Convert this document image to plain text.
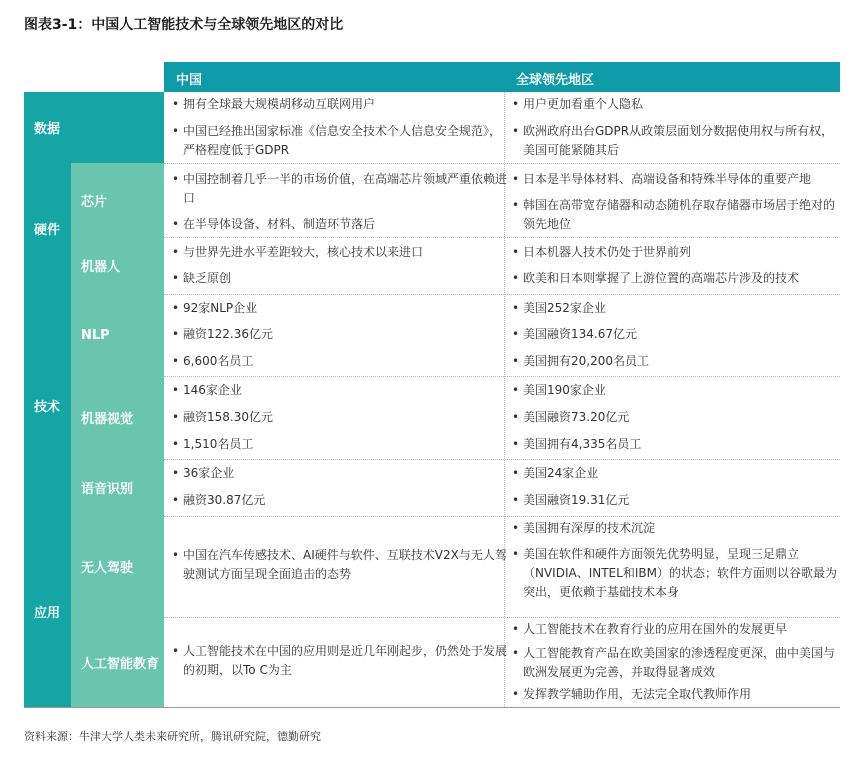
图表3-1：中国人工智能技术与全球领先地区的对比
中国	全球领先地区
数据
硬件
技术
应用
芯片
机器人
NLP
机器视觉
语音识别
无人驾驶
人工智能教育
• 拥有全球最大规模胡移动互联网用户
• 中国已经推出国家标准《信息安全技术个人信息安全规范》，严格程度低于GDPR
• 用户更加看重个人隐私
• 欧洲政府出台GDPR从政策层面划分数据使用权与所有权，美国可能紧随其后
• 中国控制着几乎一半的市场价值，在高端芯片领域严重依赖进口
• 在半导体设备、材料、制造环节落后
• 日本是半导体材料、高端设备和特殊半导体的重要产地
• 韩国在高带宽存储器和动态随机存取存储器市场居于绝对的领先地位
• 与世界先进水平差距较大，核心技术以来进口
• 缺乏原创
• 日本机器人技术仍处于世界前列
• 欧美和日本则掌握了上游位置的高端芯片涉及的技术
• 92家NLP企业
• 融资122.36亿元
• 6,600名员工
• 美国252家企业
• 美国融资134.67亿元
• 美国拥有20,200名员工
• 146家企业
• 融资158.30亿元
• 1,510名员工
• 美国190家企业
• 美国融资73.20亿元
• 美国拥有4,335名员工
• 36家企业
• 融资30.87亿元
• 美国24家企业
• 美国融资19.31亿元
• 中国在汽车传感技术、AI硬件与软件、互联技术V2X与无人驾驶测试方面呈现全面追击的态势
• 美国拥有深厚的技术沉淀
• 美国在软件和硬件方面领先优势明显，呈现三足鼎立（NVIDIA、INTEL和IBM）的状态；软件方面则以谷歌最为突出，更依赖于基础技术本身
• 人工智能技术在中国的应用则是近几年刚起步，仍然处于发展的初期，以To C为主
• 人工智能技术在教育行业的应用在国外的发展更早
• 人工智能教育产品在欧美国家的渗透程度更深，曲中美国与欧洲发展更为完善，并取得显著成效
• 发挥教学辅助作用，无法完全取代教师作用
资料来源：牛津大学人类未来研究所，腾讯研究院，德勤研究
